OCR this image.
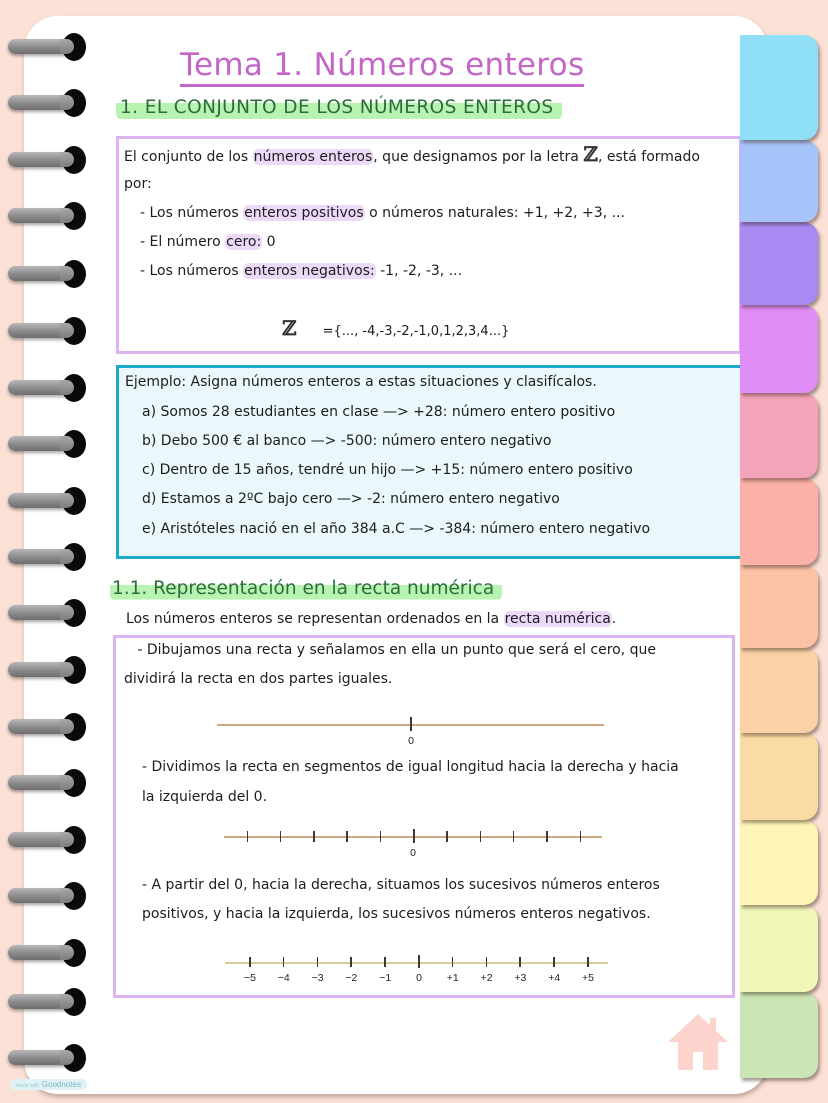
Tema 1. Números enteros
1. EL CONJUNTO DE LOS NÚMEROS ENTEROS
El conjunto de los números enteros, que designamos por la letra ℤ, está formado
por:
- Los números enteros positivos o números naturales: +1, +2, +3, ...
- El número cero: 0
- Los números enteros negativos: -1, -2, -3, ...
ℤ ={..., -4,-3,-2,-1,0,1,2,3,4...}
Ejemplo: Asigna números enteros a estas situaciones y clasifícalos.
a) Somos 28 estudiantes en clase —> +28: número entero positivo
b) Debo 500 € al banco —> -500: número entero negativo
c) Dentro de 15 años, tendré un hijo —> +15: número entero positivo
d) Estamos a 2ºC bajo cero —> -2: número entero negativo
e) Aristóteles nació en el año 384 a.C —> -384: número entero negativo
1.1. Representación en la recta numérica
Los números enteros se representan ordenados en la recta numérica.
- Dibujamos una recta y señalamos en ella un punto que será el cero, que
dividirá la recta en dos partes iguales.
0
- Dividimos la recta en segmentos de igual longitud hacia la derecha y hacia
la izquierda del 0.
0
- A partir del 0, hacia la derecha, situamos los sucesivos números enteros
positivos, y hacia la izquierda, los sucesivos números enteros negativos.
−5 −4 −3 −2 −1 0 +1 +2 +3 +4 +5
Made with Goodnotes
